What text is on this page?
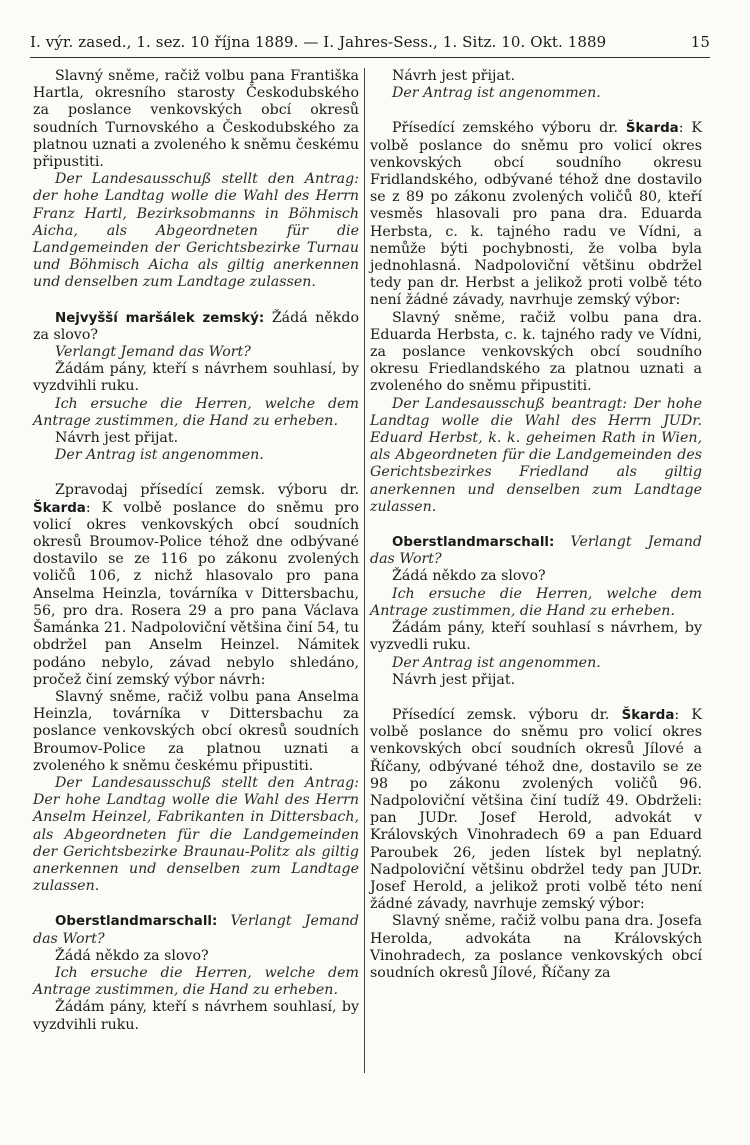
I. výr. zased., 1. sez. 10 října 1889. — I. Jahres-Sess., 1. Sitz. 10. Okt. 1889	15

Slavný sněme, račiž volbu pana Františka Hartla, okresního starosty Českodubského za poslance venkovských obcí okresů soudních Turnovského a Českodubského za platnou uznati a zvoleného k sněmu českému připustiti.

Der Landesausschuß stellt den Antrag: der hohe Landtag wolle die Wahl des Herrn Franz Hartl, Bezirksobmanns in Böhmisch Aicha, als Abgeordneten für die Landgemeinden der Gerichtsbezirke Turnau und Böhmisch Aicha als giltig anerkennen und denselben zum Landtage zulassen.

Nejvyšší maršálek zemský: Žádá někdo za slovo?

Verlangt Jemand das Wort?

Žádám pány, kteří s návrhem souhlasí, by vyzdvihli ruku.

Ich ersuche die Herren, welche dem Antrage zustimmen, die Hand zu erheben.

Návrh jest přijat.

Der Antrag ist angenommen.

Zpravodaj přísedící zemsk. výboru dr. Škarda: K volbě poslance do sněmu pro volicí okres venkovských obcí soudních okresů Broumov-Police téhož dne odbývané dostavilo se ze 116 po zákonu zvolených voličů 106, z nichž hlasovalo pro pana Anselma Heinzla, továrníka v Dittersbachu, 56, pro dra. Rosera 29 a pro pana Václava Šamánka 21. Nadpoloviční většina činí 54, tu obdržel pan Anselm Heinzel. Námitek podáno nebylo, závad nebylo shledáno, pročež činí zemský výbor návrh:

Slavný sněme, račiž volbu pana Anselma Heinzla, továrníka v Dittersbachu za poslance venkovských obcí okresů soudních Broumov-Police za platnou uznati a zvoleného k sněmu českému připustiti.

Der Landesausschuß stellt den Antrag: Der hohe Landtag wolle die Wahl des Herrn Anselm Heinzel, Fabrikanten in Dittersbach, als Abgeordneten für die Landgemeinden der Gerichtsbezirke Braunau-Politz als giltig anerkennen und denselben zum Landtage zulassen.

Oberstlandmarschall: Verlangt Jemand das Wort?

Žádá někdo za slovo?

Ich ersuche die Herren, welche dem Antrage zustimmen, die Hand zu erheben.

Žádám pány, kteří s návrhem souhlasí, by vyzdvihli ruku.

Návrh jest přijat.

Der Antrag ist angenommen.

Přísedící zemského výboru dr. Škarda: K volbě poslance do sněmu pro volicí okres venkovských obcí soudního okresu Fridlandského, odbývané téhož dne dostavilo se z 89 po zákonu zvolených voličů 80, kteří vesměs hlasovali pro pana dra. Eduarda Herbsta, c. k. tajného radu ve Vídni, a nemůže býti pochybnosti, že volba byla jednohlasná. Nadpoloviční většinu obdržel tedy pan dr. Herbst a jelikož proti volbě této není žádné závady, navrhuje zemský výbor:

Slavný sněme, račiž volbu pana dra. Eduarda Herbsta, c. k. tajného rady ve Vídni, za poslance venkovských obcí soudního okresu Friedlandského za platnou uznati a zvoleného do sněmu připustiti.

Der Landesausschuß beantragt: Der hohe Landtag wolle die Wahl des Herrn JUDr. Eduard Herbst, k. k. geheimen Rath in Wien, als Abgeordneten für die Landgemeinden des Gerichtsbezirkes Friedland als giltig anerkennen und denselben zum Landtage zulassen.

Oberstlandmarschall: Verlangt Jemand das Wort?

Žádá někdo za slovo?

Ich ersuche die Herren, welche dem Antrage zustimmen, die Hand zu erheben.

Žádám pány, kteří souhlasí s návrhem, by vyzvedli ruku.

Der Antrag ist angenommen.

Návrh jest přijat.

Přísedící zemsk. výboru dr. Škarda: K volbě poslance do sněmu pro volicí okres venkovských obcí soudních okresů Jílové a Říčany, odbývané téhož dne, dostavilo se ze 98 po zákonu zvolených voličů 96. Nadpoloviční většina činí tudíž 49. Obdrželi: pan JUDr. Josef Herold, advokát v Královských Vinohradech 69 a pan Eduard Paroubek 26, jeden lístek byl neplatný. Nadpoloviční většinu obdržel tedy pan JUDr. Josef Herold, a jelikož proti volbě této není žádné závady, navrhuje zemský výbor:

Slavný sněme, račiž volbu pana dra. Josefa Herolda, advokáta na Královských Vinohradech, za poslance venkovských obcí soudních okresů Jílové, Říčany za
